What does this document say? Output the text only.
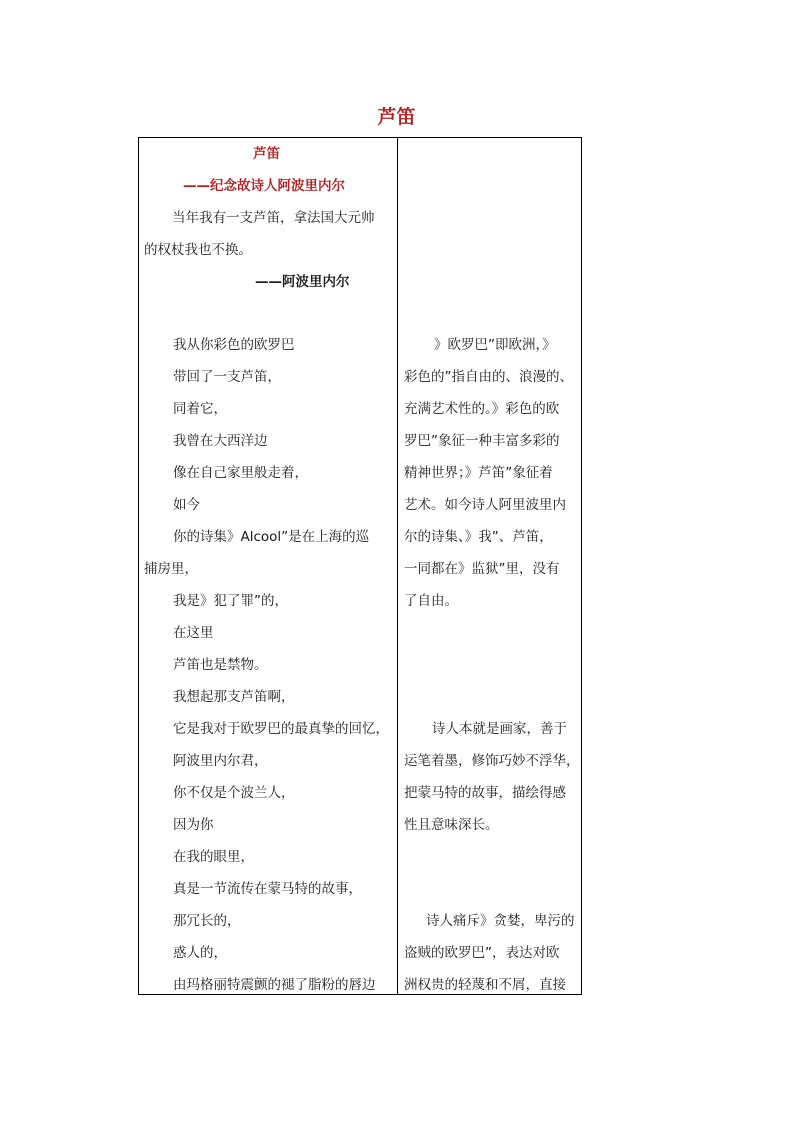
芦笛
芦笛
——纪念故诗人阿波里内尔
当年我有一支芦笛，拿法国大元帅
的权杖我也不换。
——阿波里内尔
我从你彩色的欧罗巴
带回了一支芦笛，
同着它，
我曾在大西洋边
像在自己家里般走着，
如今
你的诗集》Alcool”是在上海的巡
捕房里，
我是》犯了罪”的，
在这里
芦笛也是禁物。
我想起那支芦笛啊，
它是我对于欧罗巴的最真挚的回忆，
阿波里内尔君，
你不仅是个波兰人，
因为你
在我的眼里，
真是一节流传在蒙马特的故事，
那冗长的，
惑人的，
由玛格丽特震颤的褪了脂粉的唇边
》欧罗巴”即欧洲，》
彩色的”指自由的、浪漫的、
充满艺术性的。》彩色的欧
罗巴”象征一种丰富多彩的
精神世界；》芦笛”象征着
艺术。如今诗人阿里波里内
尔的诗集、》我”、芦笛，
一同都在》监狱”里，没有
了自由。
诗人本就是画家，善于
运笔着墨，修饰巧妙不浮华，
把蒙马特的故事，描绘得感
性且意味深长。
诗人痛斥》贪婪，卑污的
盗贼的欧罗巴”，表达对欧
洲权贵的轻蔑和不屑，直接
